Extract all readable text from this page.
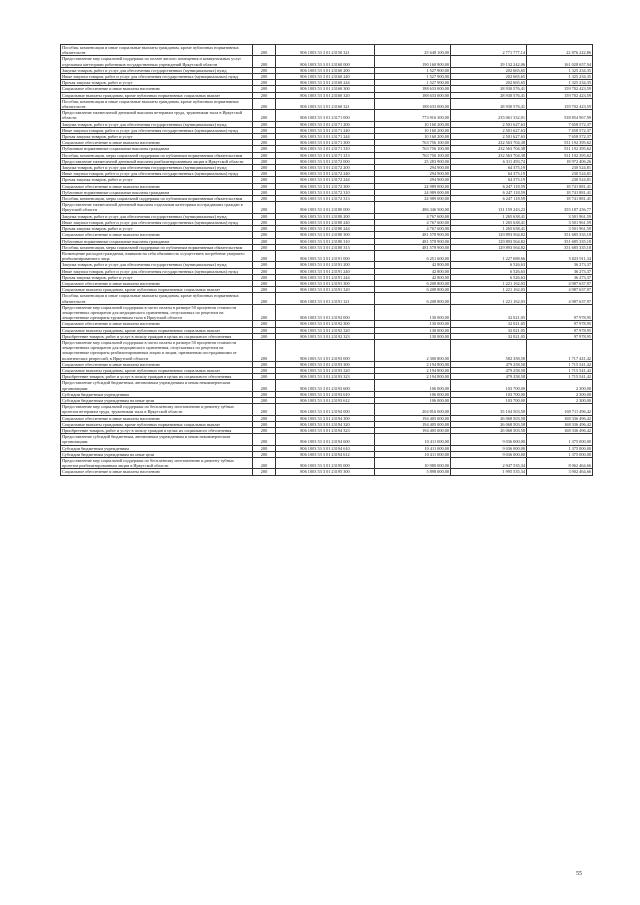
Пособия, компенсации и иные социальные выплаты гражданам, кроме публичных нормативных обязательств	200	806 1003 53 3 01 23150 321	25 648 100,00	2 771 777,14	22 876 222,86
Предоставление мер социальной поддержки по оплате жилого помещения и коммунальных услуг отдельным категориям работников государственных учреждений Иркутской области	200	806 1003 53 3 01 23160 000	190 160 900,00	29 132 242,06	161 028 657,94
Закупка товаров, работ и услуг для обеспечения государственных (муниципальных) нужд	200	806 1003 53 3 01 23160 200	1 527 900,00	202 665,65	1 325 234,35
Иные закупки товаров, работ и услуг для обеспечения государственных (муниципальных) нужд	200	806 1003 53 3 01 23160 240	1 527 900,00	202 665,65	1 325 234,35
Прочая закупка товаров, работ и услуг	200	806 1003 53 3 01 23160 244	1 527 900,00	202 665,65	1 325 234,35
Социальное обеспечение и иные выплаты населению	200	806 1003 53 3 01 23160 300	188 633 000,00	28 930 576,41	159 702 423,59
Социальные выплаты гражданам, кроме публичных нормативных социальных выплат	200	806 1003 53 3 01 23160 320	188 633 000,00	28 930 576,41	159 702 423,59
Пособия, компенсации и иные социальные выплаты гражданам, кроме публичных нормативных обязательств	200	806 1003 53 3 01 23160 321	188 633 000,00	28 930 576,41	159 702 423,59
Предоставление ежемесячной денежной выплаты ветеранам труда, труженикам тыла в Иркутской области	200	806 1003 53 3 01 23171 000	773 916 300,00	235 061 332,01	538 854 967,99
Закупка товаров, работ и услуг для обеспечения государственных (муниципальных) нужд	200	806 1003 53 3 01 23171 200	10 160 200,00	2 501 627,63	7 658 572,37
Иные закупки товаров, работ и услуг для обеспечения государственных (муниципальных) нужд	200	806 1003 53 3 01 23171 240	10 160 200,00	2 501 627,63	7 658 572,37
Прочая закупка товаров, работ и услуг	200	806 1003 53 3 01 23171 244	10 160 200,00	2 501 627,63	7 658 572,37
Социальное обеспечение и иные выплаты населению	200	806 1003 53 3 01 23171 300	763 756 100,00	232 563 704,38	531 192 395,62
Публичные нормативные социальные выплаты гражданам	200	806 1003 53 3 01 23171 310	763 756 100,00	232 563 704,38	531 192 395,62
Пособия, компенсации, меры социальной поддержки по публичным нормативным обязательствам	200	806 1003 53 3 01 23171 313	763 756 100,00	232 563 704,38	531 192 395,62
Предоставление ежемесячной денежной выплаты реабилитированным лицам в Иркутской области	200	806 1003 53 3 01 23172 000	25 283 900,00	6 311 493,74	18 972 406,26
Закупка товаров, работ и услуг для обеспечения государственных (муниципальных) нужд	200	806 1003 53 3 01 23172 200	294 900,00	64 375,19	230 524,81
Иные закупки товаров, работ и услуг для обеспечения государственных (муниципальных) нужд	200	806 1003 53 3 01 23172 240	294 900,00	64 375,19	230 524,81
Прочая закупка товаров, работ и услуг	200	806 1003 53 3 01 23172 244	294 900,00	64 375,19	230 524,81
Социальное обеспечение и иные выплаты населению	200	806 1003 53 3 01 23172 300	24 989 000,00	6 247 118,59	18 741 881,41
Публичные нормативные социальные выплаты гражданам	200	806 1003 53 3 01 23172 310	24 989 000,00	6 247 118,59	18 741 881,41
Пособия, компенсации, меры социальной поддержки по публичным нормативным обязательствам	200	806 1003 53 3 01 23172 313	24 989 000,00	6 247 118,59	18 741 881,41
Предоставление ежемесячной денежной выплаты отдельным категориям пострадавших граждан в Иркутской области	200	806 1003 53 3 01 23180 000	486 346 500,00	131 159 243,23	355 187 256,77
Закупка товаров, работ и услуг для обеспечения государственных (муниципальных) нужд	200	806 1003 53 3 01 23180 200	4 767 600,00	1 265 638,41	3 501 961,59
Иные закупки товаров, работ и услуг для обеспечения государственных (муниципальных) нужд	200	806 1003 53 3 01 23180 240	4 767 600,00	1 265 638,41	3 501 961,59
Прочая закупка товаров, работ и услуг	200	806 1003 53 3 01 23180 244	4 767 600,00	1 265 638,41	3 501 961,59
Социальное обеспечение и иные выплаты населению	200	806 1003 53 3 01 23180 300	481 578 900,00	129 893 564,82	351 685 335,18
Публичные нормативные социальные выплаты гражданам	200	806 1003 53 3 01 23180 310	481 578 900,00	129 893 564,82	351 685 335,18
Пособия, компенсации, меры социальной поддержки по публичным нормативным обязательствам	200	806 1003 53 3 01 23180 313	481 578 900,00	129 893 564,82	351 685 335,18
Возмещение расходов гражданам, взявшим на себя обязанность осуществить погребение умершего реабилитированного лица	200	806 1003 53 3 01 23191 000	6 251 600,00	1 227 688,66	5 023 911,34
Закупка товаров, работ и услуг для обеспечения государственных (муниципальных) нужд	200	806 1003 53 3 01 23191 200	42 800,00	6 526,63	36 273,37
Иные закупки товаров, работ и услуг для обеспечения государственных (муниципальных) нужд	200	806 1003 53 3 01 23191 240	42 800,00	6 526,63	36 273,37
Прочая закупка товаров, работ и услуг	200	806 1003 53 3 01 23191 244	42 800,00	6 526,63	36 273,37
Социальное обеспечение и иные выплаты населению	200	806 1003 53 3 01 23191 300	6 208 800,00	1 221 162,03	4 987 637,97
Социальные выплаты гражданам, кроме публичных нормативных социальных выплат	200	806 1003 53 3 01 23191 320	6 208 800,00	1 221 162,03	4 987 637,97
Пособия, компенсации и иные социальные выплаты гражданам, кроме публичных нормативных обязательств	200	806 1003 53 3 01 23191 321	6 208 800,00	1 221 162,03	4 987 637,97
Предоставление мер социальной поддержки в части оплаты в размере 50 процентов стоимости лекарственных препаратов для медицинского применения, отпускаемых по рецептам на лекарственные препараты труженикам тыла в Иркутской области	200	806 1003 53 3 01 23192 000	130 000,00	32 021,05	97 978,95
Социальное обеспечение и иные выплаты населению	200	806 1003 53 3 01 23192 300	130 000,00	32 021,05	97 978,95
Социальные выплаты гражданам, кроме публичных нормативных социальных выплат	200	806 1003 53 3 01 23192 320	130 000,00	32 021,05	97 978,95
Приобретение товаров, работ и услуг в пользу граждан в целях их социального обеспечения	200	806 1003 53 3 01 23192 323	130 000,00	32 021,05	97 978,95
Предоставление мер социальной поддержки в части оплаты в размере 50 процентов стоимости лекарственных препаратов для медицинского применения, отпускаемых по рецептам на лекарственные препараты реабилитированным лицам и лицам, признанным пострадавшими от политических репрессий, в Иркутской области	200	806 1003 53 3 01 23193 000	2 300 800,00	582 358,58	1 717 441,42
Социальное обеспечение и иные выплаты населению	200	806 1003 53 3 01 23193 300	2 194 800,00	479 258,58	1 715 541,42
Социальные выплаты гражданам, кроме публичных нормативных социальных выплат	200	806 1003 53 3 01 23193 320	2 194 800,00	479 258,58	1 715 541,42
Приобретение товаров, работ и услуг в пользу граждан в целях их социального обеспечения	200	806 1003 53 3 01 23193 323	2 194 800,00	479 258,58	1 715 541,42
Предоставление субсидий бюджетным, автономным учреждениям и иным некоммерческим организациям	200	806 1003 53 3 01 23193 600	106 000,00	103 700,00	2 300,00
Субсидии бюджетным учреждениям	200	806 1003 53 3 01 23193 610	106 000,00	103 700,00	2 300,00
Субсидии бюджетным учреждениям на иные цели	200	806 1003 53 3 01 23193 612	106 000,00	103 700,00	2 300,00
Предоставление мер социальной поддержки по бесплатному изготовлению и ремонту зубных протезов ветеранам труда, труженикам тыла в Иркутской области	200	806 1003 53 3 01 23194 000	204 816 000,00	35 104 503,58	169 711 496,42
Социальное обеспечение и иные выплаты населению	200	806 1003 53 3 01 23194 300	194 405 000,00	26 068 503,58	168 336 496,42
Социальные выплаты гражданам, кроме публичных нормативных социальных выплат	200	806 1003 53 3 01 23194 320	194 405 000,00	26 068 503,58	168 336 496,42
Приобретение товаров, работ и услуг в пользу граждан в целях их социального обеспечения	200	806 1003 53 3 01 23194 323	194 405 000,00	26 068 503,58	168 336 496,42
Предоставление субсидий бюджетным, автономным учреждениям и иным некоммерческим организациям	200	806 1003 53 3 01 23194 600	10 411 000,00	9 036 000,00	1 375 000,00
Субсидии бюджетным учреждениям	200	806 1003 53 3 01 23194 610	10 411 000,00	9 036 000,00	1 375 000,00
Субсидии бюджетным учреждениям на иные цели	200	806 1003 53 3 01 23194 612	10 411 000,00	9 036 000,00	1 375 000,00
Предоставление мер социальной поддержки по бесплатному изготовлению и ремонту зубных протезов реабилитированным лицам в Иркутской области	200	806 1003 53 3 01 23195 000	10 980 000,00	2 947 535,34	8 062 464,66
Социальное обеспечение и иные выплаты населению	200	806 1003 53 3 01 23195 300	5 898 000,00	1 995 535,34	3 902 464,66
55
